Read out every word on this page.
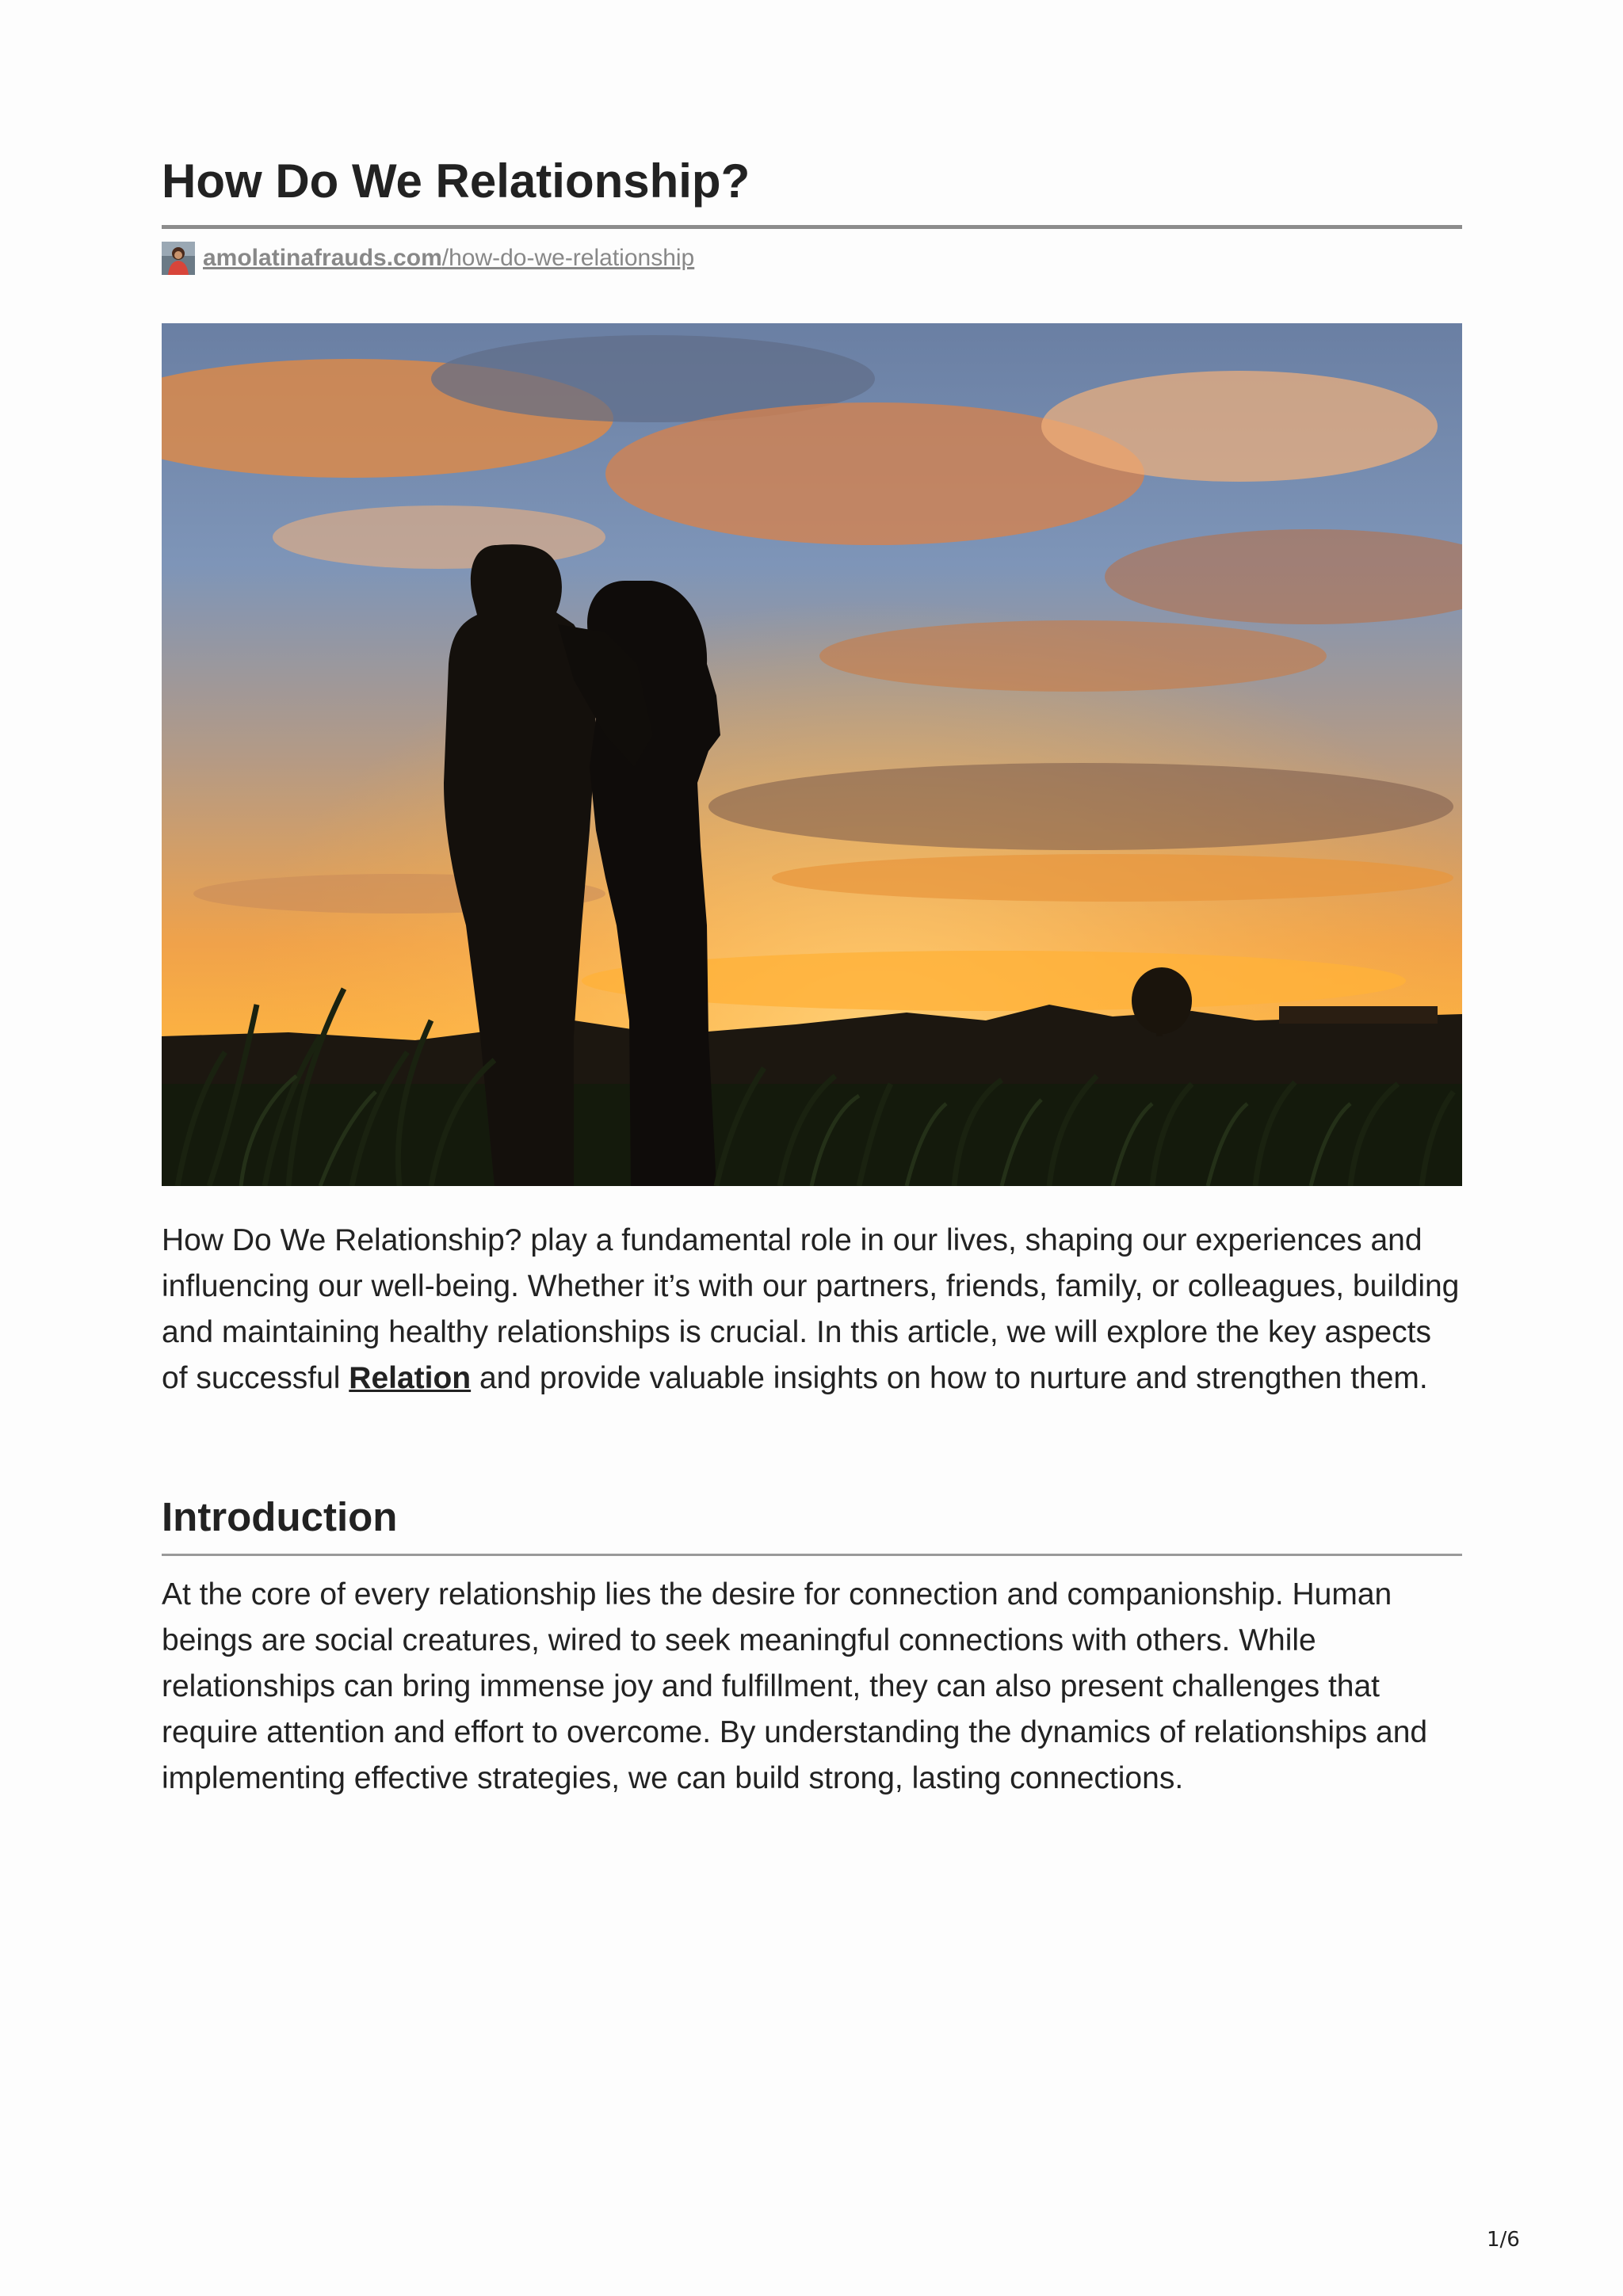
How Do We Relationship?
amolatinafrauds.com/how-do-we-relationship

How Do We Relationship? play a fundamental role in our lives, shaping our experiences and influencing our well-being. Whether it’s with our partners, friends, family, or colleagues, building and maintaining healthy relationships is crucial. In this article, we will explore the key aspects of successful Relation and provide valuable insights on how to nurture and strengthen them.

Introduction

At the core of every relationship lies the desire for connection and companionship. Human beings are social creatures, wired to seek meaningful connections with others. While relationships can bring immense joy and fulfillment, they can also present challenges that require attention and effort to overcome. By understanding the dynamics of relationships and implementing effective strategies, we can build strong, lasting connections.

1/6
